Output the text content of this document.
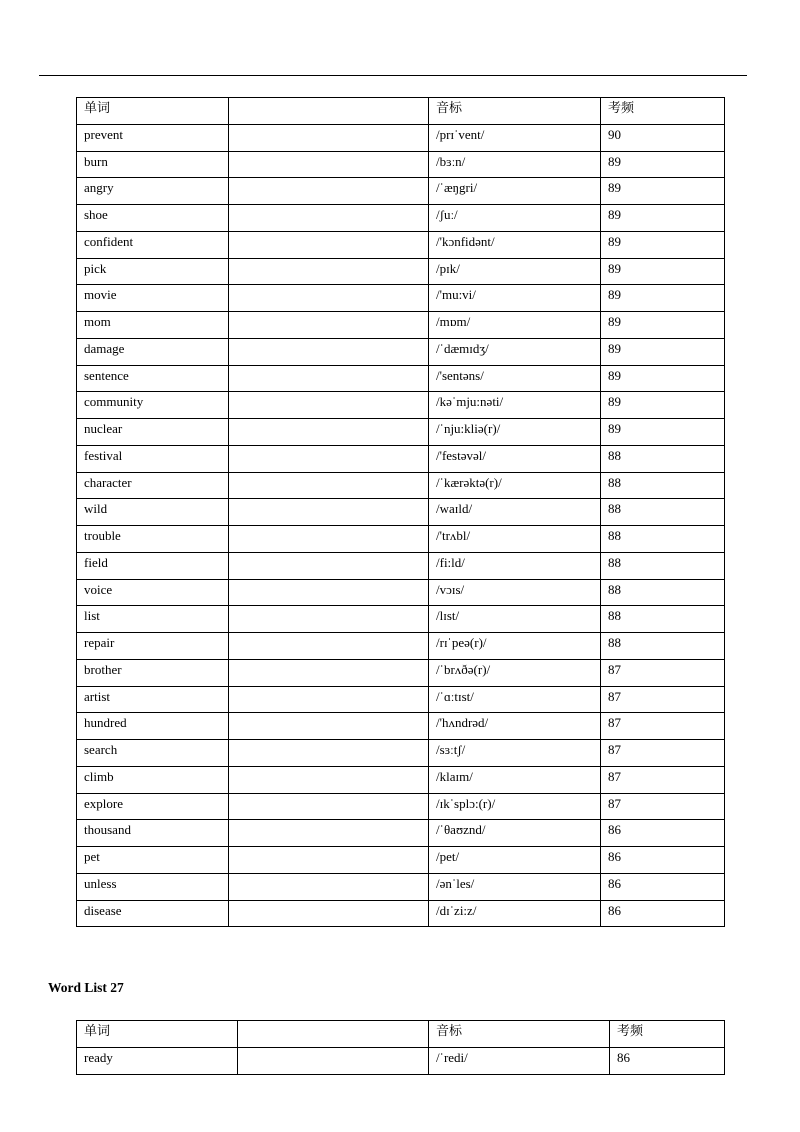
单词		音标	考频
prevent		/prɪˈvent/	90
burn		/bɜːn/	89
angry		/ˈæŋgri/	89
shoe		/ʃuː/	89
confident		/'kɔnfidənt/	89
pick		/pɪk/	89
movie		/'mu:vi/	89
mom		/mɒm/	89
damage		/ˈdæmɪdʒ/	89
sentence		/'sentəns/	89
community		/kəˈmju:nəti/	89
nuclear		/ˈnju:kliə(r)/	89
festival		/'festəvəl/	88
character		/ˈkærəktə(r)/	88
wild		/waɪld/	88
trouble		/'trʌbl/	88
field		/fi:ld/	88
voice		/vɔɪs/	88
list		/lɪst/	88
repair		/rɪˈpeə(r)/	88
brother		/ˈbrʌðə(r)/	87
artist		/ˈɑːtɪst/	87
hundred		/'hʌndrəd/	87
search		/sɜːtʃ/	87
climb		/klaɪm/	87
explore		/ɪkˈsplɔ:(r)/	87
thousand		/ˈθaʊznd/	86
pet		/pet/	86
unless		/ənˈles/	86
disease		/dɪˈzi:z/	86
Word List 27
单词		音标	考频
ready		/ˈredi/	86
